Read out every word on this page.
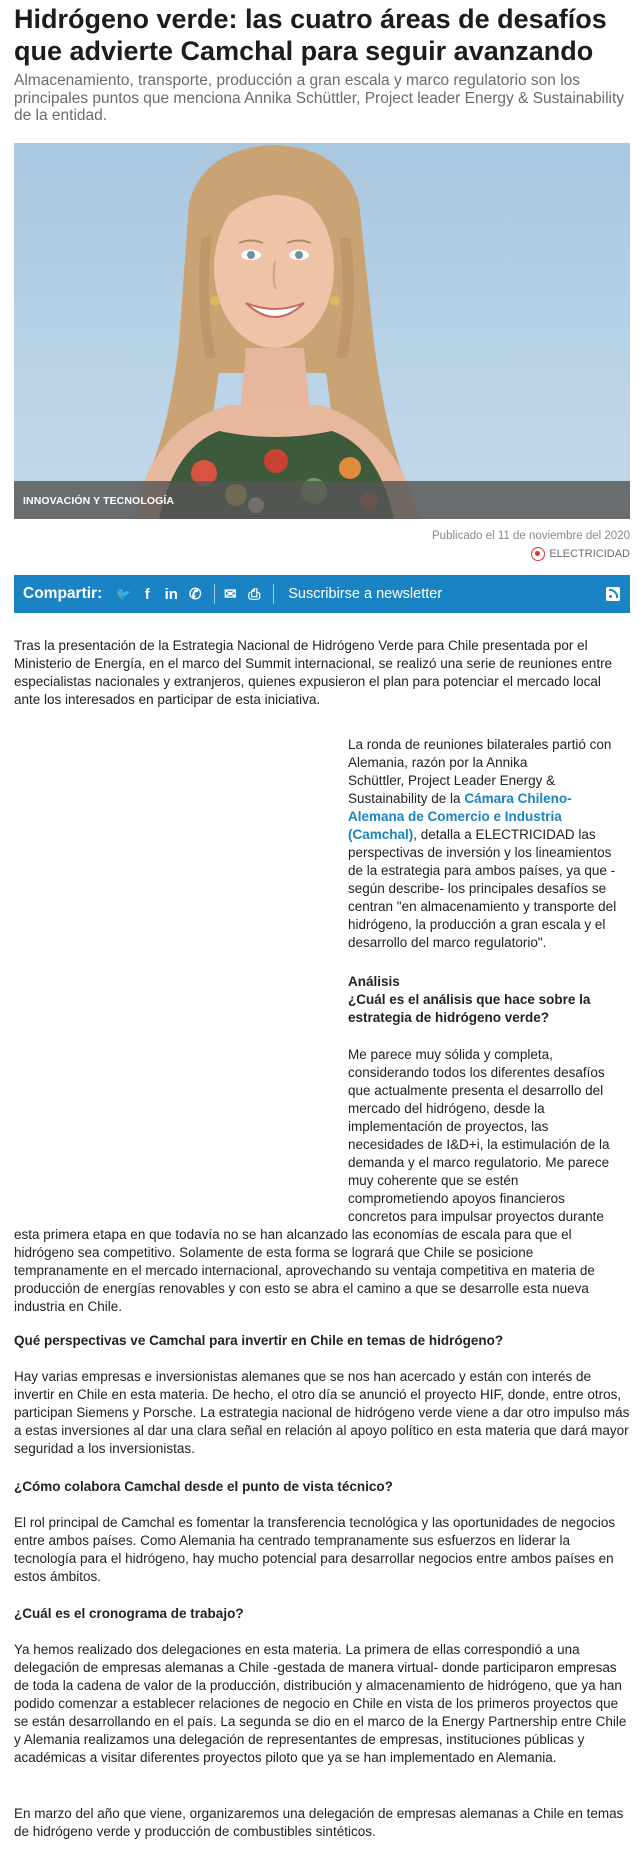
Hidrógeno verde: las cuatro áreas de desafíos que advierte Camchal para seguir avanzando
Almacenamiento, transporte, producción a gran escala y marco regulatorio son los principales puntos que menciona Annika Schüttler, Project leader Energy & Sustainability de la entidad.
INNOVACIÓN Y TECNOLOGÍA
Publicado el 11 de noviembre del 2020
ELECTRICIDAD
Compartir: 🐦 f in ✆ ✉ ⎙ Suscribirse a newsletter
Tras la presentación de la Estrategia Nacional de Hidrógeno Verde para Chile presentada por el Ministerio de Energía, en el marco del Summit internacional, se realizó una serie de reuniones entre especialistas nacionales y extranjeros, quienes expusieron el plan para potenciar el mercado local ante los interesados en participar de esta iniciativa.
La ronda de reuniones bilaterales partió con
Alemania, razón por la Annika
Schüttler, Project Leader Energy &
Sustainability de la Cámara Chileno-
Alemana de Comercio e Industria
(Camchal), detalla a ELECTRICIDAD las
perspectivas de inversión y los lineamientos
de la estrategia para ambos países, ya que -
según describe- los principales desafíos se
centran "en almacenamiento y transporte del
hidrógeno, la producción a gran escala y el
desarrollo del marco regulatorio".
Análisis
¿Cuál es el análisis que hace sobre la
estrategia de hidrógeno verde?
Me parece muy sólida y completa,
considerando todos los diferentes desafíos
que actualmente presenta el desarrollo del
mercado del hidrógeno, desde la
implementación de proyectos, las
necesidades de I&D+i, la estimulación de la
demanda y el marco regulatorio. Me parece
muy coherente que se estén
comprometiendo apoyos financieros
concretos para impulsar proyectos durante
esta primera etapa en que todavía no se han alcanzado las economías de escala para que el
hidrógeno sea competitivo. Solamente de esta forma se logrará que Chile se posicione
tempranamente en el mercado internacional, aprovechando su ventaja competitiva en materia de
producción de energías renovables y con esto se abra el camino a que se desarrolle esta nueva
industria en Chile.
Qué perspectivas ve Camchal para invertir en Chile en temas de hidrógeno?
Hay varias empresas e inversionistas alemanes que se nos han acercado y están con interés de invertir en Chile en esta materia. De hecho, el otro día se anunció el proyecto HIF, donde, entre otros, participan Siemens y Porsche. La estrategia nacional de hidrógeno verde viene a dar otro impulso más a estas inversiones al dar una clara señal en relación al apoyo político en esta materia que dará mayor seguridad a los inversionistas.
¿Cómo colabora Camchal desde el punto de vista técnico?
El rol principal de Camchal es fomentar la transferencia tecnológica y las oportunidades de negocios entre ambos países. Como Alemania ha centrado tempranamente sus esfuerzos en liderar la tecnología para el hidrógeno, hay mucho potencial para desarrollar negocios entre ambos países en estos ámbitos.
¿Cuál es el cronograma de trabajo?
Ya hemos realizado dos delegaciones en esta materia. La primera de ellas correspondió a una delegación de empresas alemanas a Chile -gestada de manera virtual- donde participaron empresas de toda la cadena de valor de la producción, distribución y almacenamiento de hidrógeno, que ya han podido comenzar a establecer relaciones de negocio en Chile en vista de los primeros proyectos que se están desarrollando en el país. La segunda se dio en el marco de la Energy Partnership entre Chile y Alemania realizamos una delegación de representantes de empresas, instituciones públicas y académicas a visitar diferentes proyectos piloto que ya se han implementado en Alemania.
En marzo del año que viene, organizaremos una delegación de empresas alemanas a Chile en temas de hidrógeno verde y producción de combustibles sintéticos.
